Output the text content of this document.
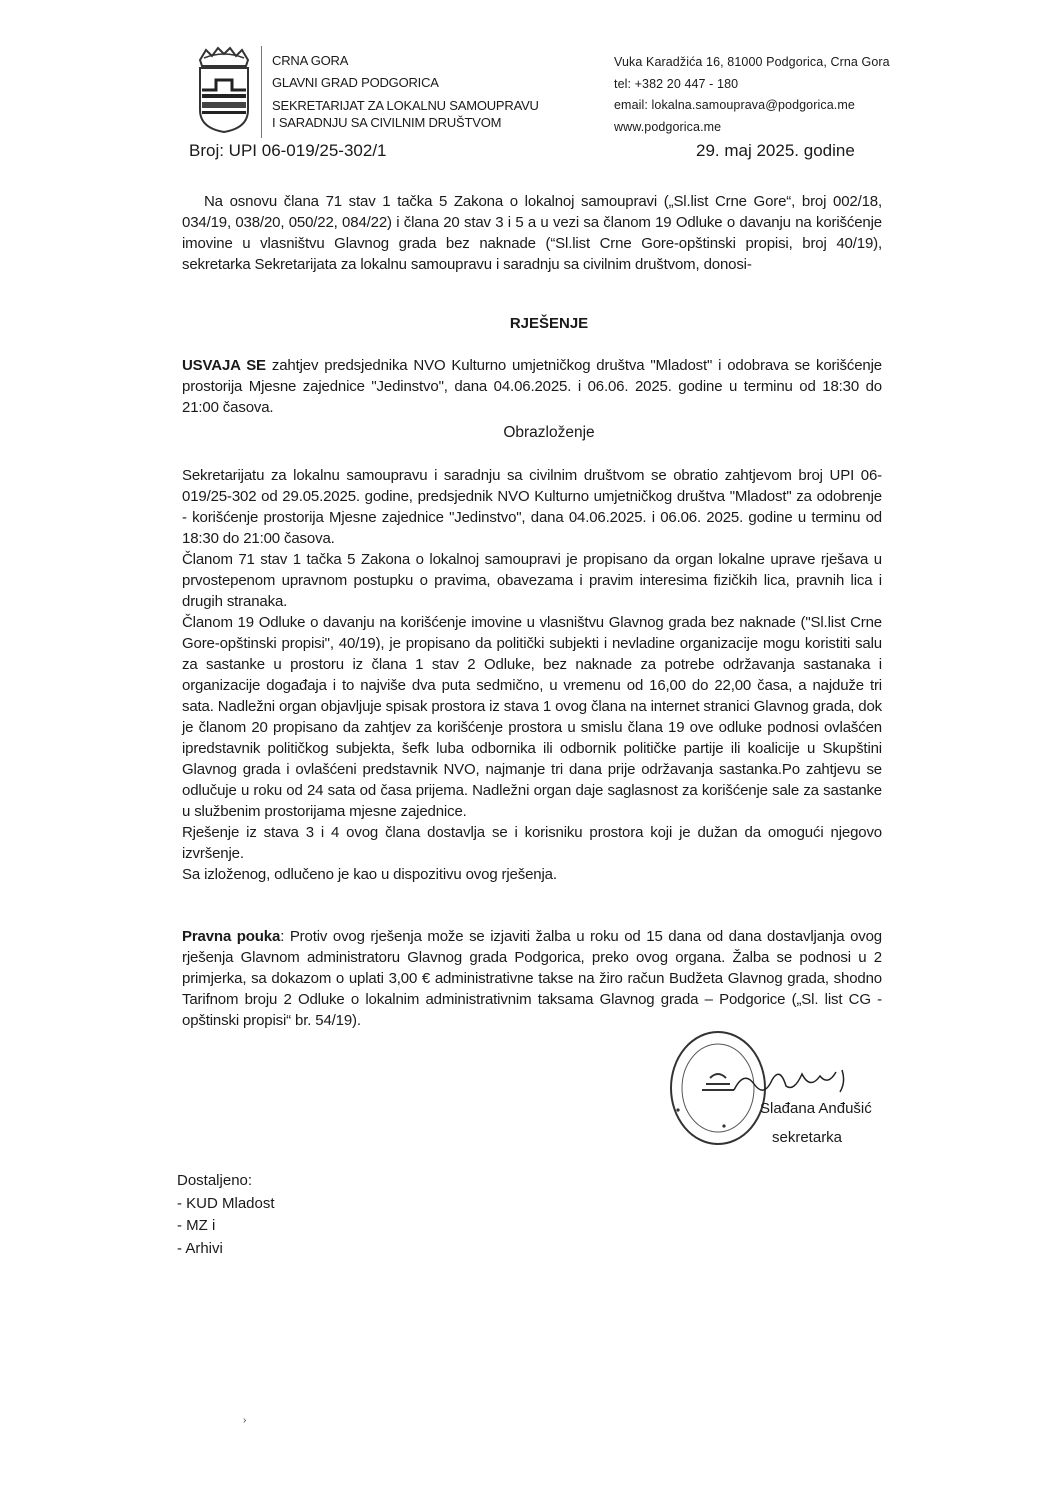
CRNA GORA
GLAVNI GRAD PODGORICA
SEKRETARIJAT ZA LOKALNU SAMOUPRAVU
I SARADNJU SA CIVILNIM DRUŠTVOM
Vuka Karadžića 16, 81000 Podgorica, Crna Gora
tel: +382 20 447 - 180
email: lokalna.samoupravа@podgorica.me
www.podgorica.me
Broj: UPI 06-019/25-302/1	29. maj 2025. godine
Na osnovu člana 71 stav 1 tačka 5 Zakona o lokalnoj samoupravi („Sl.list Crne Gore“, broj 002/18, 034/19, 038/20, 050/22, 084/22) i člana 20 stav 3 i 5 a u vezi sa članom 19 Odluke o davanju na korišćenje imovine u vlasništvu Glavnog grada bez naknade (“Sl.list Crne Gore-opštinski propisi, broj 40/19), sekretarka Sekretarijata za lokalnu samoupravu i saradnju sa civilnim društvom, donosi-
RJEŠENJE
USVAJA SE zahtjev predsjednika NVO Kulturno umjetničkog društva "Mladost" i odobrava se korišćenje prostorija Mjesne zajednice "Jedinstvo", dana 04.06.2025. i 06.06. 2025. godine u terminu od 18:30 do 21:00 časova.
Obrazloženje

Sekretarijatu za lokalnu samoupravu i saradnju sa civilnim društvom se obratio zahtjevom broj UPI 06-019/25-302 od 29.05.2025. godine, predsjednik NVO Kulturno umjetničkog društva "Mladost" za odobrenje - korišćenje prostorija Mjesne zajednice "Jedinstvo", dana 04.06.2025. i 06.06. 2025. godine u terminu od 18:30 do 21:00 časova.

Članom 71 stav 1 tačka 5 Zakona o lokalnoj samoupravi je propisano da organ lokalne uprave rješava u prvostepenom upravnom postupku o pravima, obavezama i pravim interesima fizičkih lica, pravnih lica i drugih stranaka.

Članom 19 Odluke o davanju na korišćenje imovine u vlasništvu Glavnog grada bez naknade ("Sl.list Crne Gore-opštinski propisi", 40/19), je propisano da politički subjekti i nevladine organizacije mogu koristiti salu za sastanke u prostoru iz člana 1 stav 2 Odluke, bez naknade za potrebe održavanja sastanaka i organizacije događaja i to najviše dva puta sedmično, u vremenu od 16,00 do 22,00 časa, a najduže tri sata. Nadležni organ objavljuje spisak prostora iz stava 1 ovog člana na internet stranici Glavnog grada, dok je članom 20 propisano da zahtjev za korišćenje prostora u smislu člana 19 ove odluke podnosi ovlašćen ipredstavnik političkog subjekta, šefk luba odbornika ili odbornik političke partije ili koalicije u Skupštini Glavnog grada i ovlašćeni predstavnik NVO, najmanje tri dana prije održavanja sastanka.Po zahtjevu se odlučuje u roku od 24 sata od časa prijema. Nadležni organ daje saglasnost za korišćenje sale za sastanke u službenim prostorijama mjesne zajednice.

Rješenje iz stava 3 i 4 ovog člana dostavlja se i korisniku prostora koji je dužan da omogući njegovo izvršenje.

Sa izloženog, odlučeno je kao u dispozitivu ovog rješenja.

Pravna pouka: Protiv ovog rješenja može se izjaviti žalba u roku od 15 dana od dana dostavljanja ovog rješenja Glavnom administratoru Glavnog grada Podgorica, preko ovog organa. Žalba se podnosi u 2 primjerka, sa dokazom o uplati 3,00 € administrativne takse na žiro račun Budžeta Glavnog grada, shodno Tarifnom broju 2 Odluke o lokalnim administrativnim taksama Glavnog grada – Podgorice („Sl. list CG - opštinski propisi“ br. 54/19).
Slađana Anđušić
sekretarka
Dostaljeno:
- KUD Mladost
- MZ i
- Arhivi
›
